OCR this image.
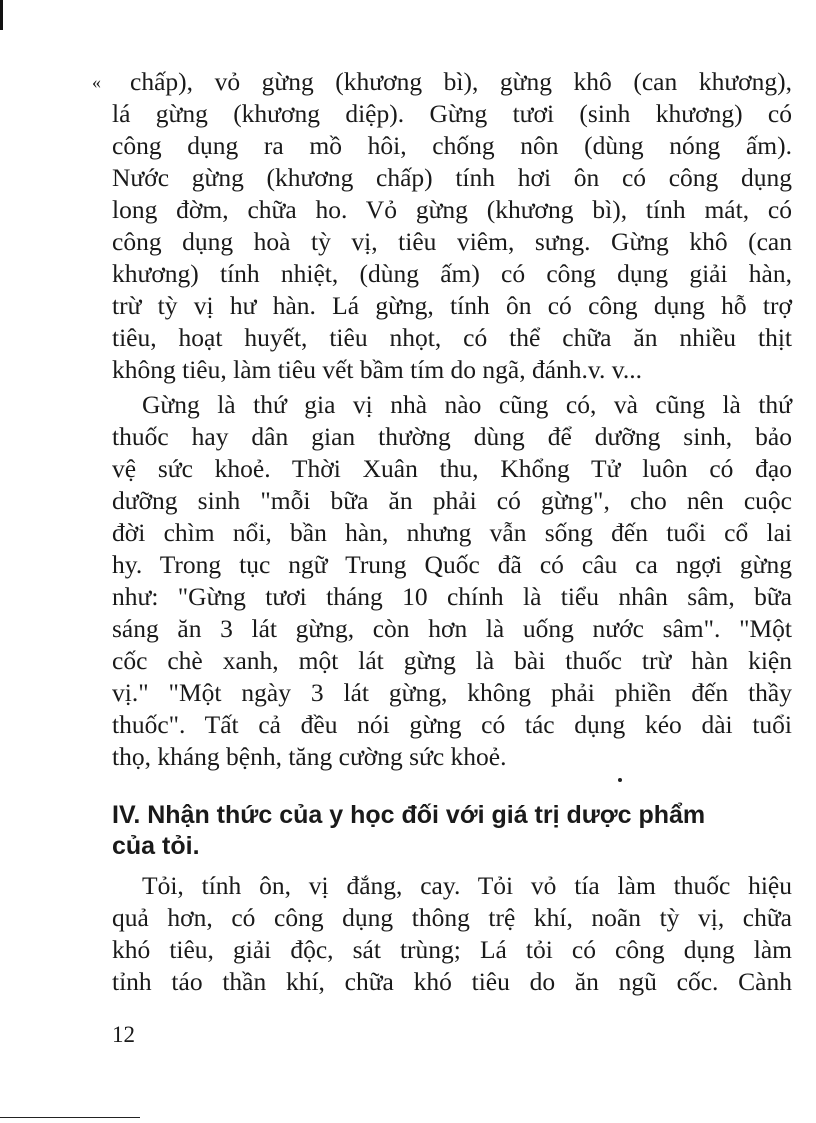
«	chấp), vỏ gừng (khương bì), gừng khô (can khương),
lá gừng (khương diệp). Gừng tươi (sinh khương) có
công dụng ra mồ hôi, chống nôn (dùng nóng ấm).
Nước gừng (khương chấp) tính hơi ôn có công dụng
long đờm, chữa ho. Vỏ gừng (khương bì), tính mát, có
công dụng hoà tỳ vị, tiêu viêm, sưng. Gừng khô (can
khương) tính nhiệt, (dùng ấm) có công dụng giải hàn,
trừ tỳ vị hư hàn. Lá gừng, tính ôn có công dụng hỗ trợ
tiêu, hoạt huyết, tiêu nhọt, có thể chữa ăn nhiều thịt
không tiêu, làm tiêu vết bầm tím do ngã, đánh.v. v...
Gừng là thứ gia vị nhà nào cũng có, và cũng là thứ
thuốc hay dân gian thường dùng để dưỡng sinh, bảo
vệ sức khoẻ. Thời Xuân thu, Khổng Tử luôn có đạo
dưỡng sinh "mỗi bữa ăn phải có gừng", cho nên cuộc
đời chìm nổi, bần hàn, nhưng vẫn sống đến tuổi cổ lai
hy. Trong tục ngữ Trung Quốc đã có câu ca ngợi gừng
như: "Gừng tươi tháng 10 chính là tiểu nhân sâm, bữa
sáng ăn 3 lát gừng, còn hơn là uống nước sâm". "Một
cốc chè xanh, một lát gừng là bài thuốc trừ hàn kiện
vị." "Một ngày 3 lát gừng, không phải phiền đến thầy
thuốc". Tất cả đều nói gừng có tác dụng kéo dài tuổi
thọ, kháng bệnh, tăng cường sức khoẻ.
IV. Nhận thức của y học đối với giá trị dược phẩm
của tỏi.
Tỏi, tính ôn, vị đắng, cay. Tỏi vỏ tía làm thuốc hiệu
quả hơn, có công dụng thông trệ khí, noãn tỳ vị, chữa
khó tiêu, giải độc, sát trùng; Lá tỏi có công dụng làm
tỉnh táo thần khí, chữa khó tiêu do ăn ngũ cốc. Cành
12
